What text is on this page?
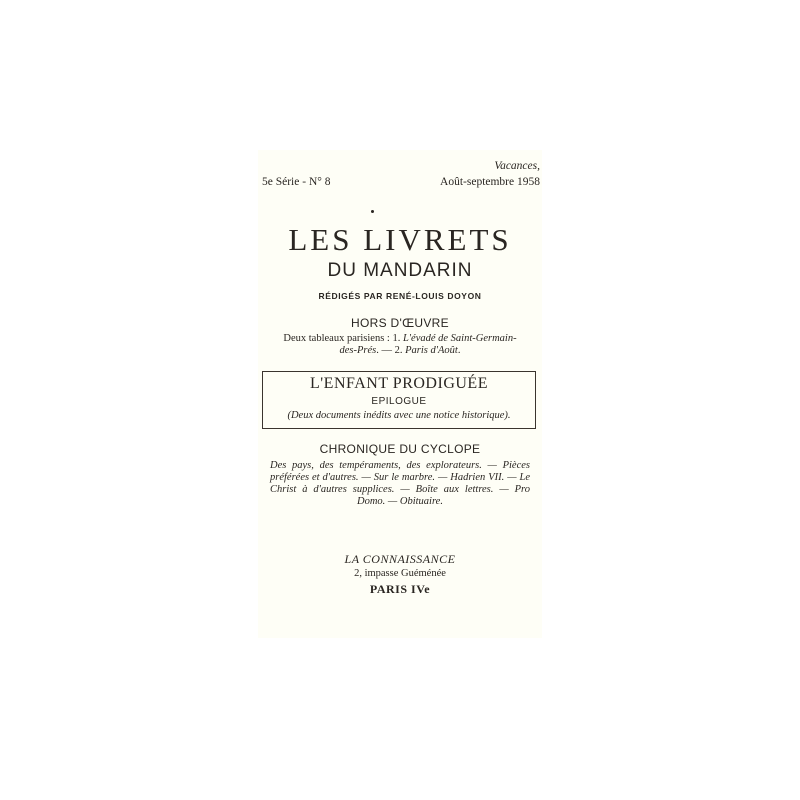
5e Série - N° 8
Vacances,
Août-septembre 1958
LES LIVRETS
DU MANDARIN
RÉDIGÉS PAR RENÉ-LOUIS DOYON
HORS D'ŒUVRE
Deux tableaux parisiens : 1. L'évadé de Saint-Germain-
des-Prés. — 2. Paris d'Août.
L'ENFANT PRODIGUÉE
EPILOGUE
(Deux documents inédits avec une notice historique).
CHRONIQUE DU CYCLOPE
Des pays, des tempéraments, des explorateurs. — Pièces préférées et d'autres. — Sur le marbre. — Hadrien VII. — Le Christ à d'autres supplices. — Boîte aux lettres. — Pro Domo. — Obituaire.
LA CONNAISSANCE
2, impasse Guéménée
PARIS IVe
